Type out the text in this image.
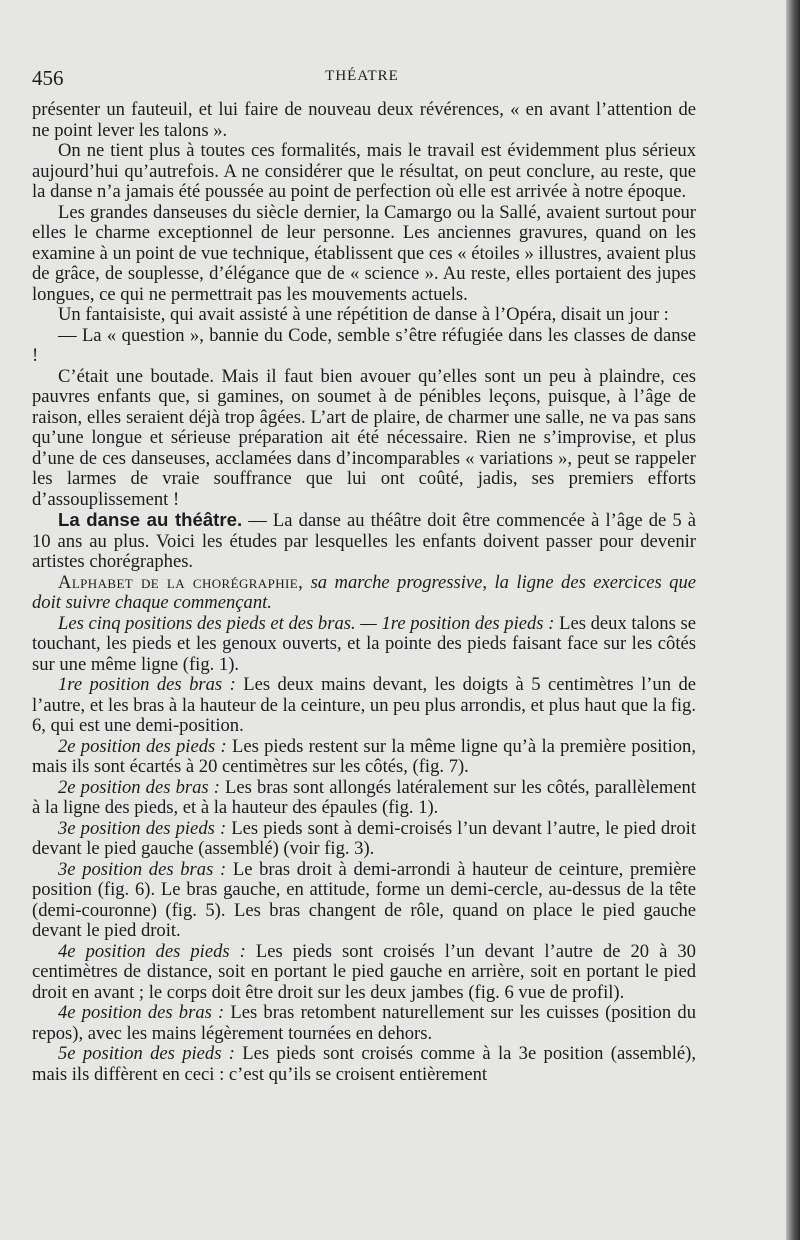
456	THÉATRE

présenter un fauteuil, et lui faire de nouveau deux révérences, « en avant l’attention de ne point lever les talons ».

On ne tient plus à toutes ces formalités, mais le travail est évidemment plus sérieux aujourd’hui qu’autrefois. A ne considérer que le résultat, on peut conclure, au reste, que la danse n’a jamais été poussée au point de perfection où elle est arrivée à notre époque.

Les grandes danseuses du siècle dernier, la Camargo ou la Sallé, avaient surtout pour elles le charme exceptionnel de leur personne. Les anciennes gravures, quand on les examine à un point de vue technique, établissent que ces « étoiles » illustres, avaient plus de grâce, de souplesse, d’élégance que de « science ». Au reste, elles portaient des jupes longues, ce qui ne permettrait pas les mouvements actuels.

Un fantaisiste, qui avait assisté à une répétition de danse à l’Opéra, disait un jour :

— La « question », bannie du Code, semble s’être réfugiée dans les classes de danse !

C’était une boutade. Mais il faut bien avouer qu’elles sont un peu à plaindre, ces pauvres enfants que, si gamines, on soumet à de pénibles leçons, puisque, à l’âge de raison, elles seraient déjà trop âgées. L’art de plaire, de charmer une salle, ne va pas sans qu’une longue et sérieuse préparation ait été nécessaire. Rien ne s’improvise, et plus d’une de ces danseuses, acclamées dans d’incomparables « variations », peut se rappeler les larmes de vraie souffrance que lui ont coûté, jadis, ses premiers efforts d’assouplissement !

La danse au théâtre. — La danse au théâtre doit être commencée à l’âge de 5 à 10 ans au plus. Voici les études par lesquelles les enfants doivent passer pour devenir artistes chorégraphes.

Alphabet de la chorégraphie, sa marche progressive, la ligne des exercices que doit suivre chaque commençant.

Les cinq positions des pieds et des bras. — 1re position des pieds : Les deux talons se touchant, les pieds et les genoux ouverts, et la pointe des pieds faisant face sur les côtés sur une même ligne (fig. 1).

1re position des bras : Les deux mains devant, les doigts à 5 centimètres l’un de l’autre, et les bras à la hauteur de la ceinture, un peu plus arrondis, et plus haut que la fig. 6, qui est une demi-position.

2e position des pieds : Les pieds restent sur la même ligne qu’à la première position, mais ils sont écartés à 20 centimètres sur les côtés, (fig. 7).

2e position des bras : Les bras sont allongés latéralement sur les côtés, parallèlement à la ligne des pieds, et à la hauteur des épaules (fig. 1).

3e position des pieds : Les pieds sont à demi-croisés l’un devant l’autre, le pied droit devant le pied gauche (assemblé) (voir fig. 3).

3e position des bras : Le bras droit à demi-arrondi à hauteur de ceinture, première position (fig. 6). Le bras gauche, en attitude, forme un demi-cercle, au-dessus de la tête (demi-couronne) (fig. 5). Les bras changent de rôle, quand on place le pied gauche devant le pied droit.

4e position des pieds : Les pieds sont croisés l’un devant l’autre de 20 à 30 centimètres de distance, soit en portant le pied gauche en arrière, soit en portant le pied droit en avant ; le corps doit être droit sur les deux jambes (fig. 6 vue de profil).

4e position des bras : Les bras retombent naturellement sur les cuisses (position du repos), avec les mains légèrement tournées en dehors.

5e position des pieds : Les pieds sont croisés comme à la 3e position (assemblé), mais ils diffèrent en ceci : c’est qu’ils se croisent entièrement
